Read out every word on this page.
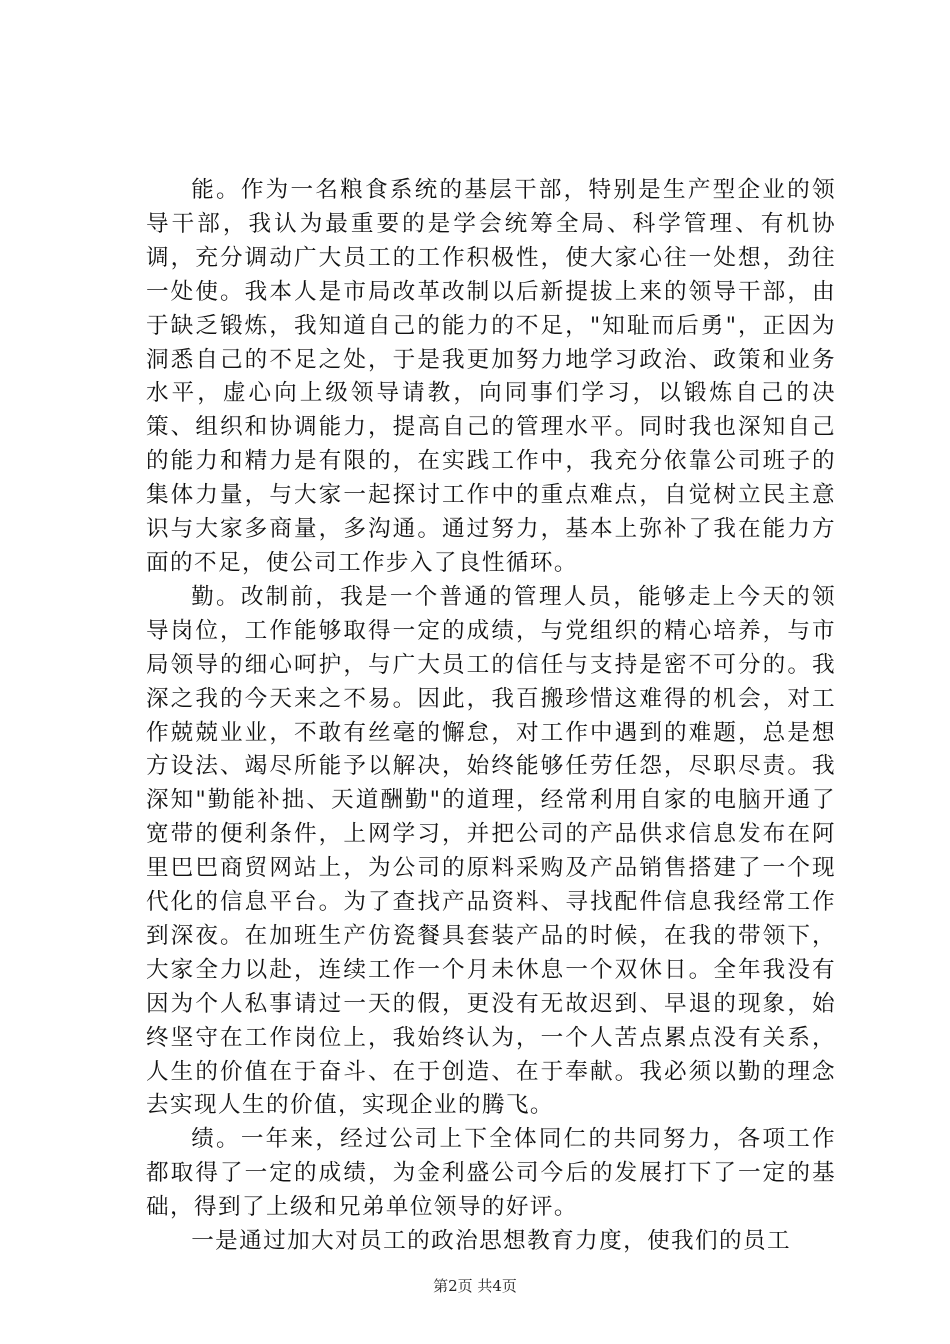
能。作为一名粮食系统的基层干部，特别是生产型企业的领导干部，我认为最重要的是学会统筹全局、科学管理、有机协调，充分调动广大员工的工作积极性，使大家心往一处想，劲往一处使。我本人是市局改革改制以后新提拔上来的领导干部，由于缺乏锻炼，我知道自己的能力的不足，"知耻而后勇"，正因为洞悉自己的不足之处，于是我更加努力地学习政治、政策和业务水平，虚心向上级领导请教，向同事们学习，以锻炼自己的决策、组织和协调能力，提高自己的管理水平。同时我也深知自己的能力和精力是有限的，在实践工作中，我充分依靠公司班子的集体力量，与大家一起探讨工作中的重点难点，自觉树立民主意识与大家多商量，多沟通。通过努力，基本上弥补了我在能力方面的不足，使公司工作步入了良性循环。

勤。改制前，我是一个普通的管理人员，能够走上今天的领导岗位，工作能够取得一定的成绩，与党组织的精心培养，与市局领导的细心呵护，与广大员工的信任与支持是密不可分的。我深之我的今天来之不易。因此，我百搬珍惜这难得的机会，对工作兢兢业业，不敢有丝毫的懈怠，对工作中遇到的难题，总是想方设法、竭尽所能予以解决，始终能够任劳任怨，尽职尽责。我深知"勤能补拙、天道酬勤"的道理，经常利用自家的电脑开通了宽带的便利条件，上网学习，并把公司的产品供求信息发布在阿里巴巴商贸网站上，为公司的原料采购及产品销售搭建了一个现代化的信息平台。为了查找产品资料、寻找配件信息我经常工作到深夜。在加班生产仿瓷餐具套装产品的时候，在我的带领下，大家全力以赴，连续工作一个月未休息一个双休日。全年我没有因为个人私事请过一天的假，更没有无故迟到、早退的现象，始终坚守在工作岗位上，我始终认为，一个人苦点累点没有关系，人生的价值在于奋斗、在于创造、在于奉献。我必须以勤的理念去实现人生的价值，实现企业的腾飞。

绩。一年来，经过公司上下全体同仁的共同努力，各项工作都取得了一定的成绩，为金利盛公司今后的发展打下了一定的基础，得到了上级和兄弟单位领导的好评。

一是通过加大对员工的政治思想教育力度，使我们的员工

第2页 共4页
